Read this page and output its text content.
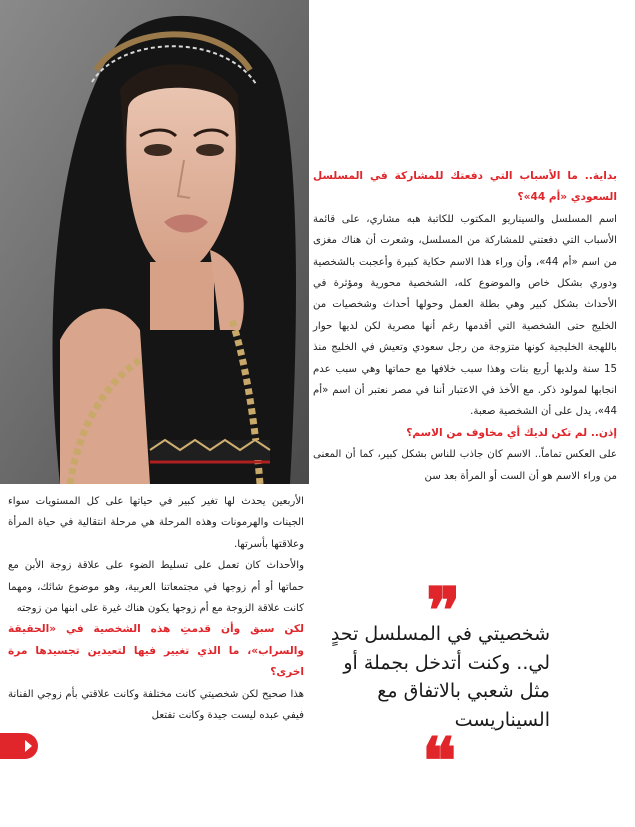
بداية.. ما الأسباب التي دفعتك للمشاركة في المسلسل السعودي «أم 44»؟

اسم المسلسل والسيناريو المكتوب للكاتبة هبه مشاري، على قائمة الأسباب التي دفعتني للمشاركة من المسلسل، وشعرت أن هناك مغزى من اسم «أم 44»، وأن وراء هذا الاسم حكاية كبيرة وأعجبت بالشخصية ودوري بشكل خاص والموضوع كله، الشخصية محورية ومؤثرة في الأحداث بشكل كبير وهي بطلة العمل وحولها أحداث وشخصيات من الخليج حتى الشخصية التي أقدمها رغم أنها مصرية لكن لديها حوار باللهجة الخليجية كونها متزوجة من رجل سعودي وتعيش في الخليج منذ 15 سنة ولديها أربع بنات وهذا سبب خلافها مع حماتها وهي سبب عدم انجابها لمولود ذكر. مع الأخذ في الاعتبار أننا في مصر نعتبر أن اسم «أم 44»، يدل على أن الشخصية صعبة.

إذن.. لم تكن لديك أي مخاوف من الاسم؟

على العكس تماماً.. الاسم كان جاذب للناس بشكل كبير، كما أن المعنى من وراء الاسم هو أن الست أو المرأة بعد سن

❞
شخصيتي في المسلسل تحدٍ لي.. وكنت أتدخل بجملة أو مثل شعبي بالاتفاق مع السيناريست
❝

الأربعين يحدث لها تغير كبير في حياتها على كل المستويات سواء الجينات والهرمونات وهذه المرحلة هي مرحلة انتقالية في حياة المرأة وعلاقتها بأسرتها.

والأحداث كان تعمل على تسليط الضوء على علاقة زوجة الأبن مع حماتها أو أم زوجها في مجتمعاتنا العربية، وهو موضوع شائك، ومهما كانت علاقة الزوجة مع أم زوجها يكون هناك غيرة على ابنها من زوجته

لكن سبق وأن قدمتِ هذه الشخصية في «الحقيقة والسراب»، ما الذي تغيير فيها لتعيدين تجسيدها مرة اخرى؟

هذا صحيح لكن شخصيتي كانت مختلفة وكانت علاقتي بأم زوجي الفنانة فيفي عبده ليست جيدة وكانت تفتعل
